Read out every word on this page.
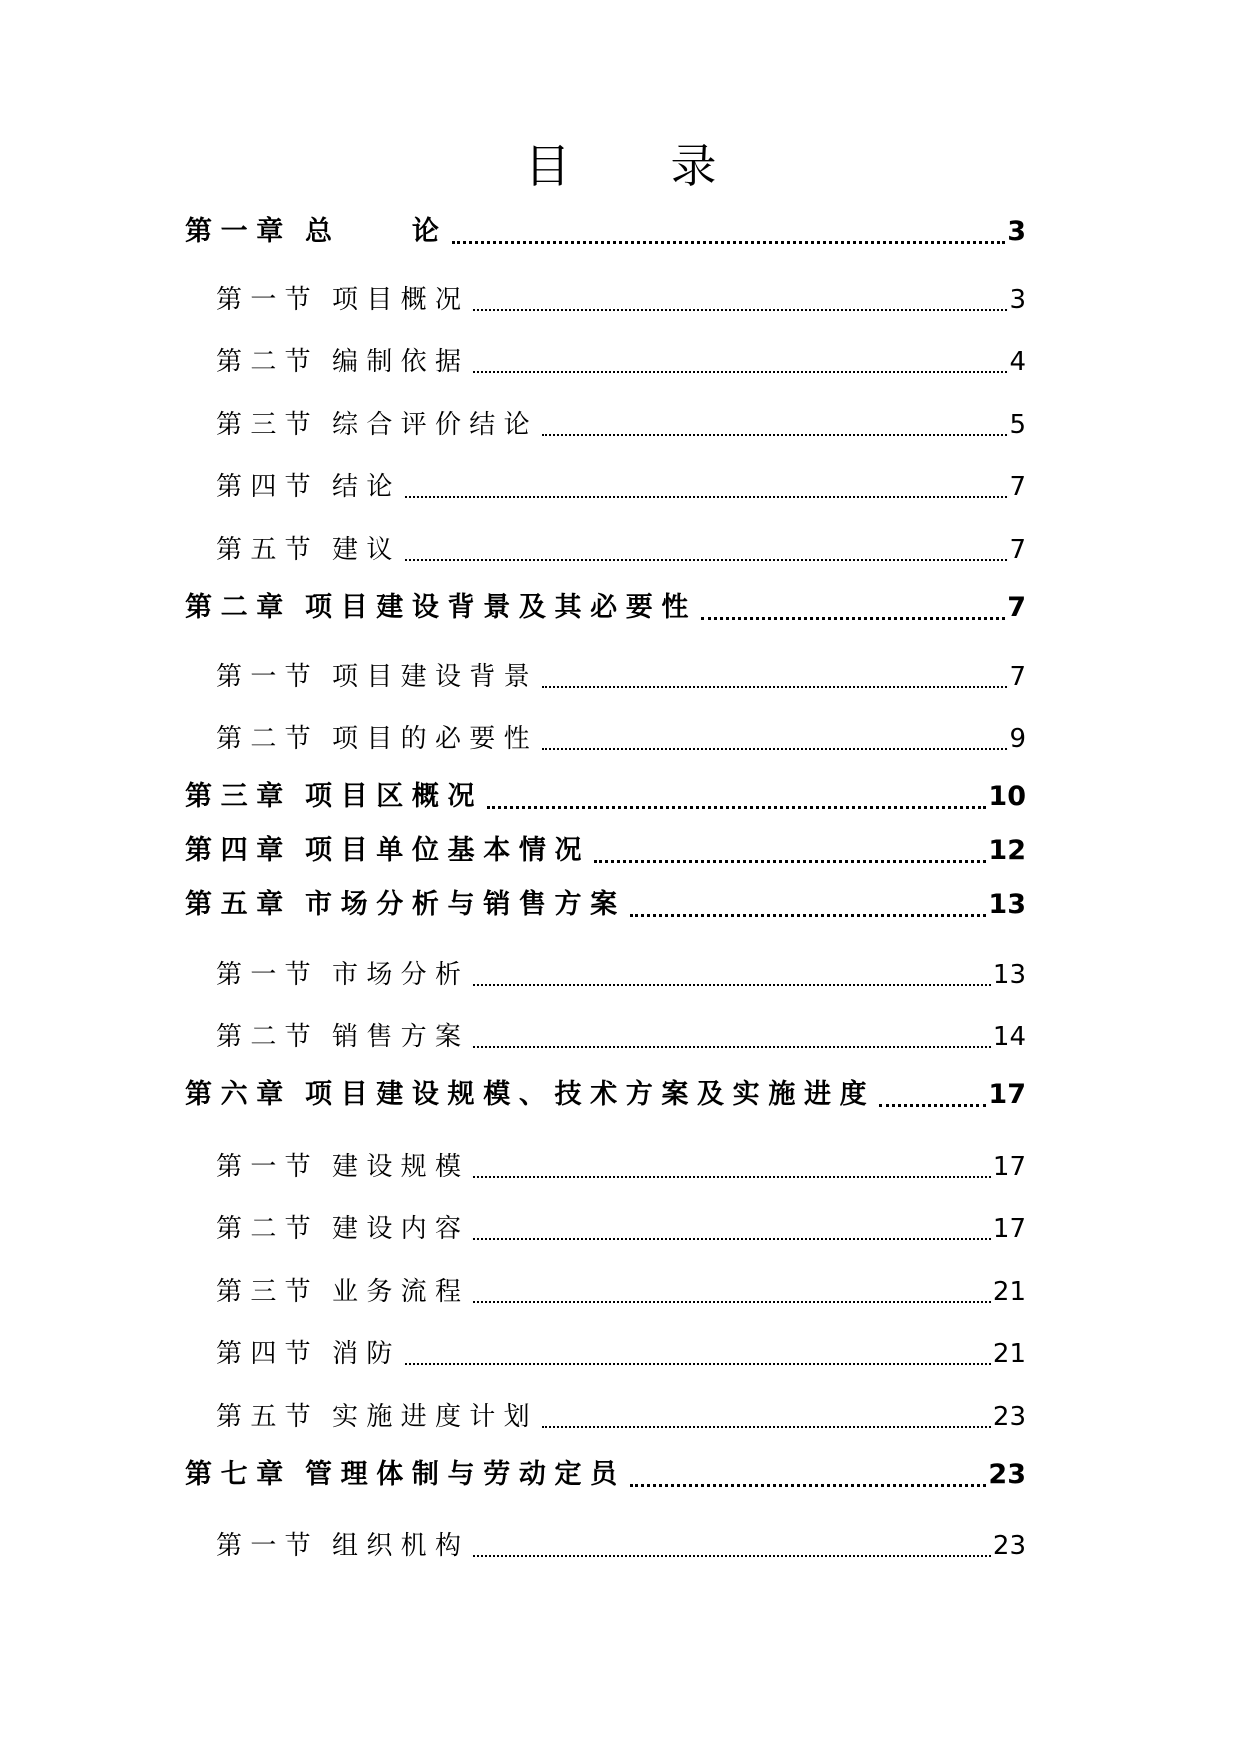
目 录
第一章 总　　论	3
第一节 项目概况	3
第二节 编制依据	4
第三节 综合评价结论	5
第四节 结论	7
第五节 建议	7
第二章 项目建设背景及其必要性	7
第一节 项目建设背景	7
第二节 项目的必要性	9
第三章 项目区概况	10
第四章 项目单位基本情况	12
第五章 市场分析与销售方案	13
第一节 市场分析	13
第二节 销售方案	14
第六章 项目建设规模、技术方案及实施进度	17
第一节 建设规模	17
第二节 建设内容	17
第三节 业务流程	21
第四节 消防	21
第五节 实施进度计划	23
第七章 管理体制与劳动定员	23
第一节 组织机构	23
